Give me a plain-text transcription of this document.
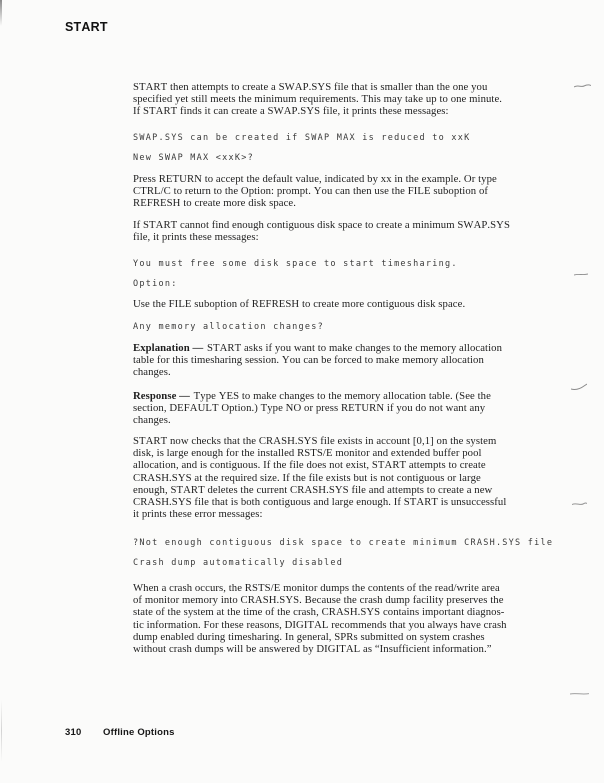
START
START then attempts to create a SWAP.SYS file that is smaller than the one you
specified yet still meets the minimum requirements. This may take up to one minute.
If START finds it can create a SWAP.SYS file, it prints these messages:
SWAP.SYS can be created if SWAP MAX is reduced to xxK
New SWAP MAX <xxK>?
Press RETURN to accept the default value, indicated by xx in the example. Or type
CTRL/C to return to the Option: prompt. You can then use the FILE suboption of
REFRESH to create more disk space.
If START cannot find enough contiguous disk space to create a minimum SWAP.SYS
file, it prints these messages:
You must free some disk space to start timesharing.
Option:
Use the FILE suboption of REFRESH to create more contiguous disk space.
Any memory allocation changes?
Explanation — START asks if you want to make changes to the memory allocation
table for this timesharing session. You can be forced to make memory allocation
changes.
Response — Type YES to make changes to the memory allocation table. (See the
section, DEFAULT Option.) Type NO or press RETURN if you do not want any
changes.
START now checks that the CRASH.SYS file exists in account [0,1] on the system
disk, is large enough for the installed RSTS/E monitor and extended buffer pool
allocation, and is contiguous. If the file does not exist, START attempts to create
CRASH.SYS at the required size. If the file exists but is not contiguous or large
enough, START deletes the current CRASH.SYS file and attempts to create a new
CRASH.SYS file that is both contiguous and large enough. If START is unsuccessful
it prints these error messages:
?Not enough contiguous disk space to create minimum CRASH.SYS file
Crash dump automatically disabled
When a crash occurs, the RSTS/E monitor dumps the contents of the read/write area
of monitor memory into CRASH.SYS. Because the crash dump facility preserves the
state of the system at the time of the crash, CRASH.SYS contains important diagnos-
tic information. For these reasons, DIGITAL recommends that you always have crash
dump enabled during timesharing. In general, SPRs submitted on system crashes
without crash dumps will be answered by DIGITAL as “Insufficient information.”
310 Offline Options
